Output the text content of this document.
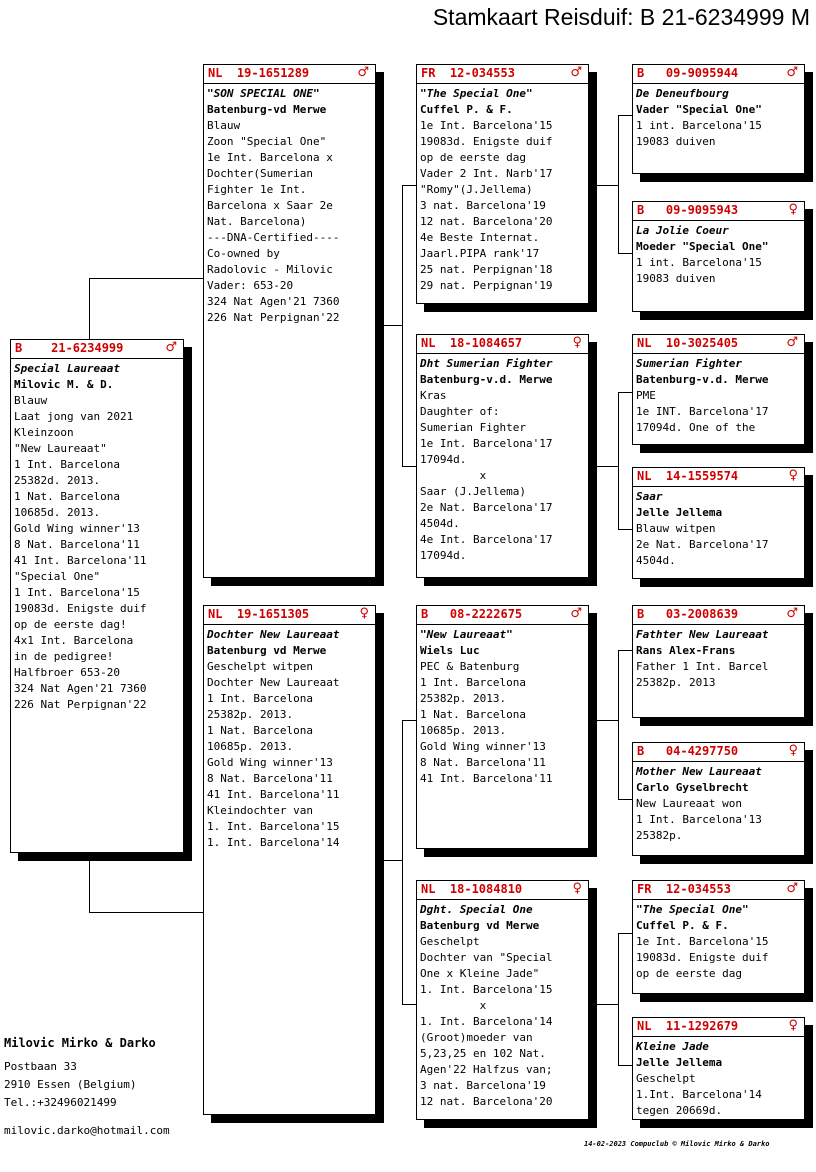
Stamkaart Reisduif: B 21-6234999 M
B    21-6234999	♂
Special Laureaat
Milovic M. & D.
Blauw
Laat jong van 2021
Kleinzoon
"New Laureaat"
1 Int. Barcelona
25382d. 2013.
1 Nat. Barcelona
10685d. 2013.
Gold Wing winner'13
8 Nat. Barcelona'11
41 Int. Barcelona'11
"Special One"
1 Int. Barcelona'15
19083d. Enigste duif
op de eerste dag!
4x1 Int. Barcelona
in de pedigree!
Halfbroer 653-20
324 Nat Agen'21 7360
226 Nat Perpignan'22
NL  19-1651289	♂
"SON SPECIAL ONE"
Batenburg-vd Merwe
Blauw
Zoon "Special One"
1e Int. Barcelona x
Dochter(Sumerian
Fighter 1e Int.
Barcelona x Saar 2e
Nat. Barcelona)
---DNA-Certified----
Co-owned by
Radolovic - Milovic
Vader: 653-20
324 Nat Agen'21 7360
226 Nat Perpignan'22
NL  19-1651305	♀
Dochter New Laureaat
Batenburg vd Merwe
Geschelpt witpen
Dochter New Laureaat
1 Int. Barcelona
25382p. 2013.
1 Nat. Barcelona
10685p. 2013.
Gold Wing winner'13
8 Nat. Barcelona'11
41 Int. Barcelona'11
Kleindochter van
1. Int. Barcelona'15
1. Int. Barcelona'14
FR  12-034553	♂
"The Special One"
Cuffel P. & F.
1e Int. Barcelona'15
19083d. Enigste duif
op de eerste dag
Vader 2 Int. Narb'17
"Romy"(J.Jellema)
3 nat. Barcelona'19
12 nat. Barcelona'20
4e Beste Internat.
Jaarl.PIPA rank'17
25 nat. Perpignan'18
29 nat. Perpignan'19
NL  18-1084657	♀
Dht Sumerian Fighter
Batenburg-v.d. Merwe
Kras
Daughter of:
Sumerian Fighter
1e Int. Barcelona'17
17094d.
x
Saar (J.Jellema)
2e Nat. Barcelona'17
4504d.
4e Int. Barcelona'17
17094d.
B   08-2222675	♂
"New Laureaat"
Wiels Luc
PEC & Batenburg
1 Int. Barcelona
25382p. 2013.
1 Nat. Barcelona
10685p. 2013.
Gold Wing winner'13
8 Nat. Barcelona'11
41 Int. Barcelona'11
NL  18-1084810	♀
Dght. Special One
Batenburg vd Merwe
Geschelpt
Dochter van "Special
One x Kleine Jade"
1. Int. Barcelona'15
x
1. Int. Barcelona'14
(Groot)moeder van
5,23,25 en 102 Nat.
Agen'22 Halfzus van;
3 nat. Barcelona'19
12 nat. Barcelona'20
B   09-9095944	♂
De Deneufbourg
Vader "Special One"
1 int. Barcelona'15
19083 duiven
B   09-9095943	♀
La Jolie Coeur
Moeder "Special One"
1 int. Barcelona'15
19083 duiven
NL  10-3025405	♂
Sumerian Fighter
Batenburg-v.d. Merwe
PME
1e INT. Barcelona'17
17094d. One of the
NL  14-1559574	♀
Saar
Jelle Jellema
Blauw witpen
2e Nat. Barcelona'17
4504d.
B   03-2008639	♂
Fathter New Laureaat
Rans Alex-Frans
Father 1 Int. Barcel
25382p. 2013
B   04-4297750	♀
Mother New Laureaat
Carlo Gyselbrecht
New Laureaat won
1 Int. Barcelona'13
25382p.
FR  12-034553	♂
"The Special One"
Cuffel P. & F.
1e Int. Barcelona'15
19083d. Enigste duif
op de eerste dag
NL  11-1292679	♀
Kleine Jade
Jelle Jellema
Geschelpt
1.Int. Barcelona'14
tegen 20669d.
Milovic Mirko & Darko
Postbaan 33
2910 Essen (Belgium)
Tel.:+32496021499
milovic.darko@hotmail.com
14-02-2023 Compuclub © Milovic Mirko & Darko
